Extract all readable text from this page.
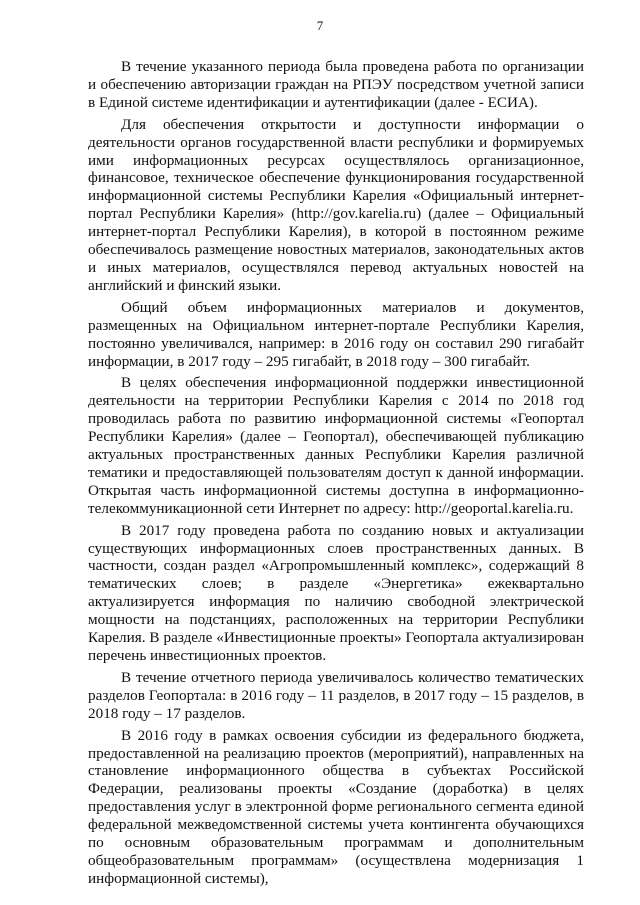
7

В течение указанного периода была проведена работа по организации и обеспечению авторизации граждан на РПЭУ посредством учетной записи в Единой системе идентификации и аутентификации (далее - ЕСИА).

Для обеспечения открытости и доступности информации о деятельности органов государственной власти республики и формируемых ими информационных ресурсах осуществлялось организационное, финансовое, техническое обеспечение функционирования государственной информационной системы Республики Карелия «Официальный интернет-портал Республики Карелия» (http://gov.karelia.ru) (далее – Официальный интернет-портал Республики Карелия), в которой в постоянном режиме обеспечивалось размещение новостных материалов, законодательных актов и иных материалов, осуществлялся перевод актуальных новостей на английский и финский языки.

Общий объем информационных материалов и документов, размещенных на Официальном интернет-портале Республики Карелия, постоянно увеличивался, например: в 2016 году он составил 290 гигабайт информации, в 2017 году – 295 гигабайт, в 2018 году – 300 гигабайт.

В целях обеспечения информационной поддержки инвестиционной деятельности на территории Республики Карелия с 2014 по 2018 год проводилась работа по развитию информационной системы «Геопортал Республики Карелия» (далее – Геопортал), обеспечивающей публикацию актуальных пространственных данных Республики Карелия различной тематики и предоставляющей пользователям доступ к данной информации. Открытая часть информационной системы доступна в информационно-телекоммуникационной сети Интернет по адресу: http://geoportal.karelia.ru.

В 2017 году проведена работа по созданию новых и актуализации существующих информационных слоев пространственных данных. В частности, создан раздел «Агропромышленный комплекс», содержащий 8 тематических слоев; в разделе «Энергетика» ежеквартально актуализируется информация по наличию свободной электрической мощности на подстанциях, расположенных на территории Республики Карелия. В разделе «Инвестиционные проекты» Геопортала актуализирован перечень инвестиционных проектов.

В течение отчетного периода увеличивалось количество тематических разделов Геопортала: в 2016 году – 11 разделов, в 2017 году – 15 разделов, в 2018 году – 17 разделов.

В 2016 году в рамках освоения субсидии из федерального бюджета, предоставленной на реализацию проектов (мероприятий), направленных на становление информационного общества в субъектах Российской Федерации, реализованы проекты «Создание (доработка) в целях предоставления услуг в электронной форме регионального сегмента единой федеральной межведомственной системы учета контингента обучающихся по основным образовательным программам и дополнительным общеобразовательным программам» (осуществлена модернизация 1 информационной системы),
